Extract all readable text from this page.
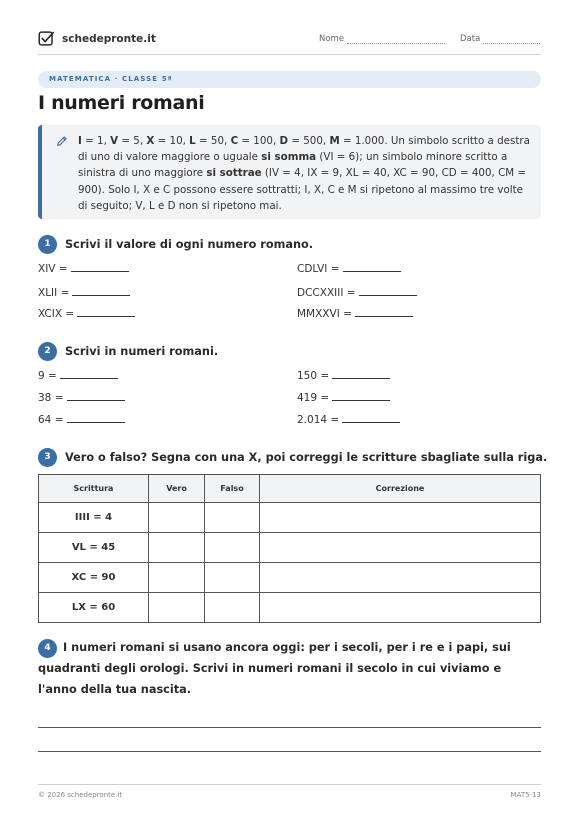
schedepronte.it	Nome	Data
MATEMATICA · CLASSE 5ª
I numeri romani
I = 1, V = 5, X = 10, L = 50, C = 100, D = 500, M = 1.000. Un simbolo scritto a destra di uno di valore maggiore o uguale si somma (VI = 6); un simbolo minore scritto a sinistra di uno maggiore si sottrae (IV = 4, IX = 9, XL = 40, XC = 90, CD = 400, CM = 900). Solo I, X e C possono essere sottratti; I, X, C e M si ripetono al massimo tre volte di seguito; V, L e D non si ripetono mai.
1	Scrivi il valore di ogni numero romano.
XIV =	CDLVI =
XLII =	DCCXXIII =
XCIX =	MMXXVI =
2	Scrivi in numeri romani.
9 =	150 =
38 =	419 =
64 =	2.014 =
3	Vero o falso? Segna con una X, poi correggi le scritture sbagliate sulla riga.
Scrittura	Vero	Falso	Correzione
IIII = 4			
VL = 45			
XC = 90			
LX = 60			
4 I numeri romani si usano ancora oggi: per i secoli, per i re e i papi, sui quadranti degli orologi. Scrivi in numeri romani il secolo in cui viviamo e l'anno della tua nascita.
© 2026 schedepronte.it	MAT5-13
